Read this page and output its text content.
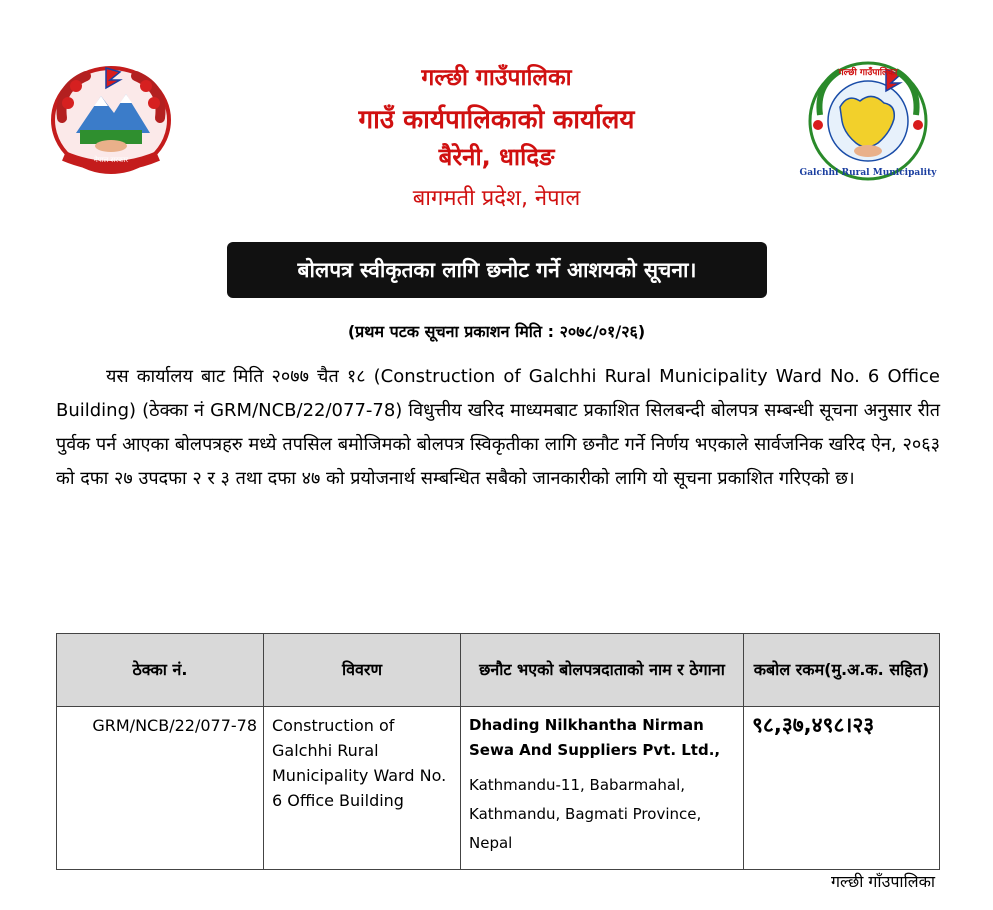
नेपाल सरकार
गल्छी गाउँपालिका
Galchhi Rural Municipality
गल्छी गाउँपालिका
गाउँ कार्यपालिकाको कार्यालय
बैरेनी, धादिङ
बागमती प्रदेश, नेपाल
बोलपत्र स्वीकृतका लागि छनोट गर्ने आशयको सूचना।
(प्रथम पटक सूचना प्रकाशन मिति : २०७८/०१/२६)
यस कार्यालय बाट मिति २०७७ चैत १८ (Construction of Galchhi Rural Municipality Ward No. 6 Office Building) (ठेक्का नं GRM/NCB/22/077-78) विधुत्तीय खरिद माध्यमबाट प्रकाशित सिलबन्दी बोलपत्र सम्बन्धी सूचना अनुसार रीत पुर्वक पर्न आएका बोलपत्रहरु मध्ये तपसिल बमोजिमको बोलपत्र स्विकृतीका लागि छनौट गर्ने निर्णय भएकाले सार्वजनिक खरिद ऐन, २०६३ को दफा २७ उपदफा २ र ३ तथा दफा ४७ को प्रयोजनार्थ सम्बन्धित सबैको जानकारीको लागि यो सूचना प्रकाशित गरिएको छ।
ठेक्का नं.	विवरण	छनौट भएको बोलपत्रदाताको नाम र ठेगाना	कबोल रकम(मु.अ.क. सहित)
GRM/NCB/22/077-78	Construction of Galchhi Rural Municipality Ward No. 6 Office Building	Dhading Nilkhantha Nirman Sewa And Suppliers Pvt. Ltd.,
Kathmandu-11, Babarmahal,
Kathmandu, Bagmati Province,
Nepal	९८,३७,४९८।२३
गल्छी गाँउपालिका
